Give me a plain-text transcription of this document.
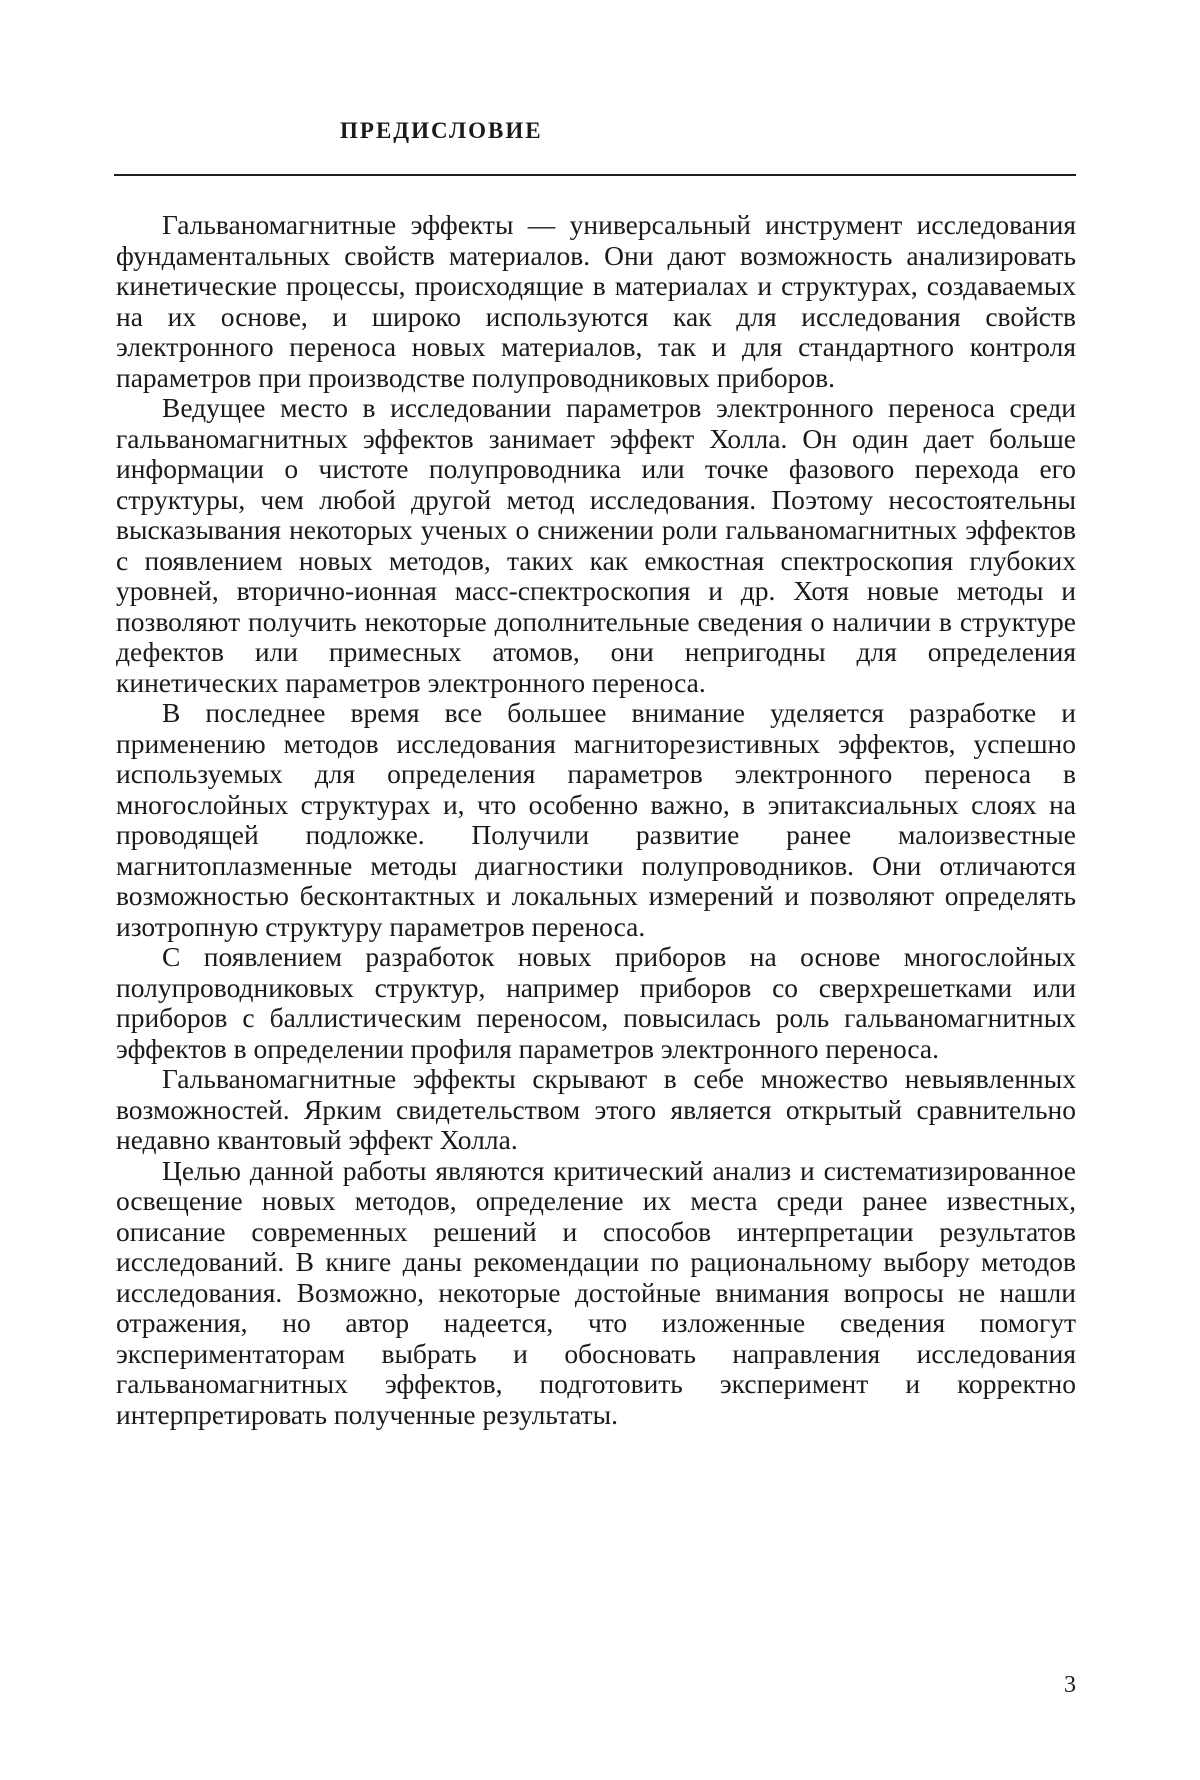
ПРЕДИСЛОВИЕ

Гальваномагнитные эффекты — универсальный инструмент исследования фундаментальных свойств материалов. Они дают возможность анализировать кинетические процессы, происходящие в материалах и структурах, создаваемых на их основе, и широко используются как для исследования свойств электронного переноса новых материалов, так и для стандартного контроля параметров при производстве полупроводниковых приборов.

Ведущее место в исследовании параметров электронного переноса среди гальваномагнитных эффектов занимает эффект Холла. Он один дает больше информации о чистоте полупроводника или точке фазового перехода его структуры, чем любой другой метод исследования. Поэтому несостоятельны высказывания некоторых ученых о снижении роли гальваномагнитных эффектов с появлением новых методов, таких как емкостная спектроскопия глубоких уровней, вторично-ионная масс-спектроскопия и др. Хотя новые методы и позволяют получить некоторые дополнительные сведения о наличии в структуре дефектов или примесных атомов, они непригодны для определения кинетических параметров электронного переноса.

В последнее время все большее внимание уделяется разработке и применению методов исследования магниторезистивных эффектов, успешно используемых для определения параметров электронного переноса в многослойных структурах и, что особенно важно, в эпитаксиальных слоях на проводящей подложке. Получили развитие ранее малоизвестные магнитоплазменные методы диагностики полупроводников. Они отличаются возможностью бесконтактных и локальных измерений и позволяют определять изотропную структуру параметров переноса.

С появлением разработок новых приборов на основе многослойных полупроводниковых структур, например приборов со сверхрешетками или приборов с баллистическим переносом, повысилась роль гальваномагнитных эффектов в определении профиля параметров электронного переноса.

Гальваномагнитные эффекты скрывают в себе множество невыявленных возможностей. Ярким свидетельством этого является открытый сравнительно недавно квантовый эффект Холла.

Целью данной работы являются критический анализ и систематизированное освещение новых методов, определение их места среди ранее известных, описание современных решений и способов интерпретации результатов исследований. В книге даны рекомендации по рациональному выбору методов исследования. Возможно, некоторые достойные внимания вопросы не нашли отражения, но автор надеется, что изложенные сведения помогут экспериментаторам выбрать и обосновать направления исследования гальваномагнитных эффектов, подготовить эксперимент и корректно интерпретировать полученные результаты.

3
